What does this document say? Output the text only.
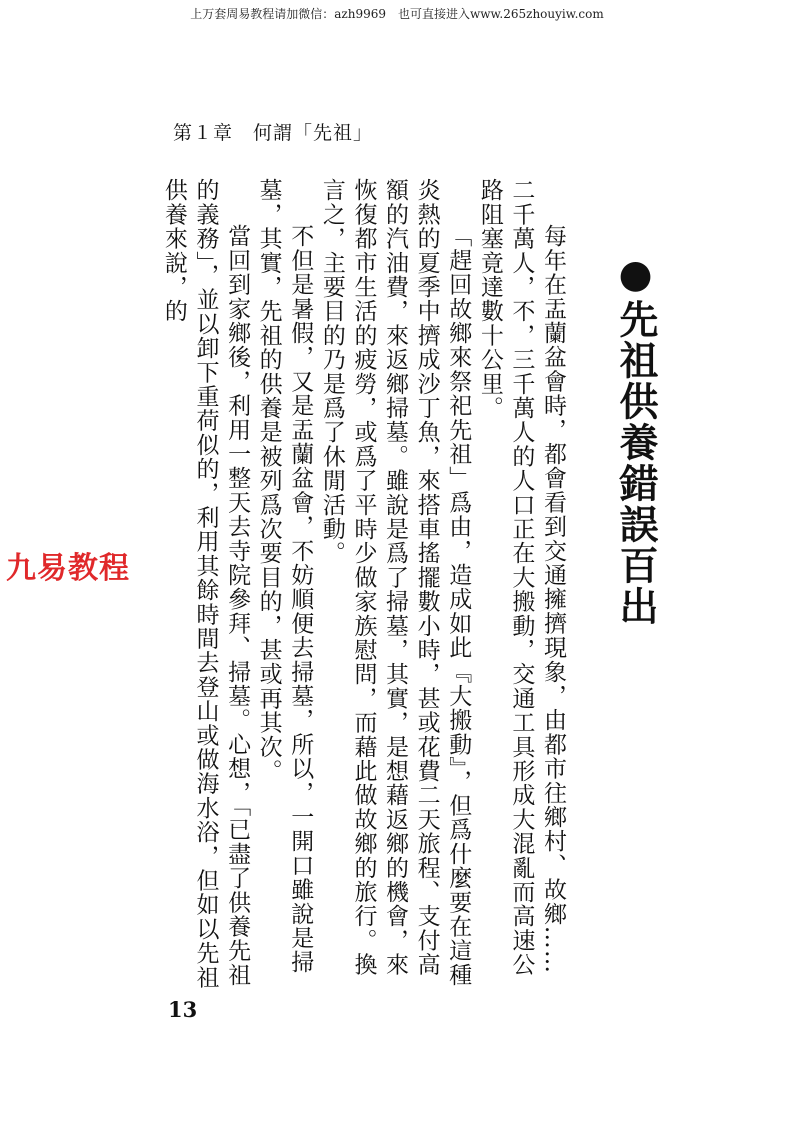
上万套周易教程请加微信：azh9969　也可直接进入www.265zhouyiw.com
九易教程
第１章　何謂「先祖」
●先祖供養錯誤百出

每年在盂蘭盆會時，都會看到交通擁擠現象，由都市往鄉村、故鄉……二千萬人，不，三千萬人的人口正在大搬動，交通工具形成大混亂而高速公路阻塞竟達數十公里。

「趕回故鄉來祭祀先祖」爲由，造成如此『大搬動』，但爲什麼要在這種炎熱的夏季中擠成沙丁魚，來搭車搖擺數小時，甚或花費二天旅程、支付高額的汽油費，來返鄉掃墓。雖說是爲了掃墓，其實，是想藉返鄉的機會，來恢復都市生活的疲勞，或爲了平時少做家族慰問，而藉此做故鄉的旅行。換言之，主要目的乃是爲了休閒活動。

不但是暑假，又是盂蘭盆會，不妨順便去掃墓，所以，一開口雖說是掃墓，其實，先祖的供養是被列爲次要目的，甚或再其次。

當回到家鄉後，利用一整天去寺院參拜、掃墓。心想，「已盡了供養先祖的義務」，並以卸下重荷似的，利用其餘時間去登山或做海水浴，但如以先祖供養來說，的

13
